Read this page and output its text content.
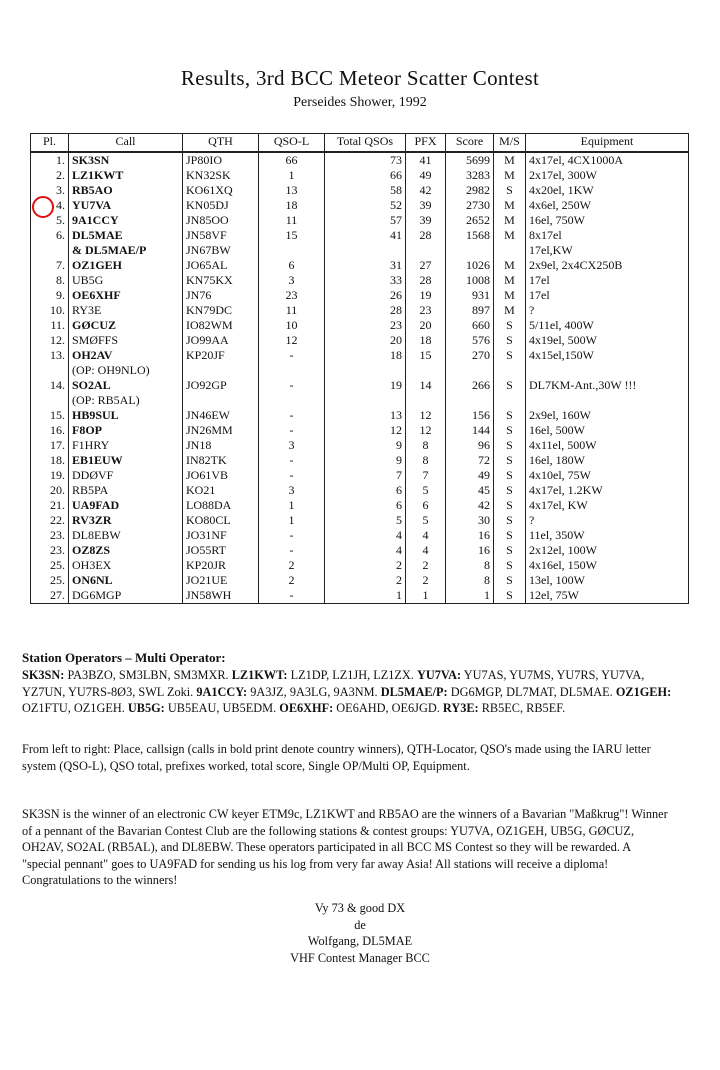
Results, 3rd BCC Meteor Scatter Contest
Perseides Shower, 1992
Pl.	Call	QTH	QSO-L	Total QSOs	PFX	Score	M/S	Equipment
1.	SK3SN	JP80IO	66	73	41	5699	M	4x17el, 4CX1000A
2.	LZ1KWT	KN32SK	1	66	49	3283	M	2x17el, 300W
3.	RB5AO	KO61XQ	13	58	42	2982	S	4x20el, 1KW
4.	YU7VA	KN05DJ	18	52	39	2730	M	4x6el, 250W
5.	9A1CCY	JN85OO	11	57	39	2652	M	16el, 750W
6.	DL5MAE	JN58VF	15	41	28	1568	M	8x17el
	& DL5MAE/P	JN67BW						17el,KW
7.	OZ1GEH	JO65AL	6	31	27	1026	M	2x9el, 2x4CX250B
8.	UB5G	KN75KX	3	33	28	1008	M	17el
9.	OE6XHF	JN76	23	26	19	931	M	17el
10.	RY3E	KN79DC	11	28	23	897	M	?
11.	GØCUZ	IO82WM	10	23	20	660	S	5/11el, 400W
12.	SMØFFS	JO99AA	12	20	18	576	S	4x19el, 500W
13.	OH2AV	KP20JF	-	18	15	270	S	4x15el,150W
	(OP: OH9NLO)							
14.	SO2AL	JO92GP	-	19	14	266	S	DL7KM-Ant.,30W !!!
	(OP: RB5AL)							
15.	HB9SUL	JN46EW	-	13	12	156	S	2x9el, 160W
16.	F8OP	JN26MM	-	12	12	144	S	16el, 500W
17.	F1HRY	JN18	3	9	8	96	S	4x11el, 500W
18.	EB1EUW	IN82TK	-	9	8	72	S	16el, 180W
19.	DDØVF	JO61VB	-	7	7	49	S	4x10el, 75W
20.	RB5PA	KO21	3	6	5	45	S	4x17el, 1.2KW
21.	UA9FAD	LO88DA	1	6	6	42	S	4x17el, KW
22.	RV3ZR	KO80CL	1	5	5	30	S	?
23.	DL8EBW	JO31NF	-	4	4	16	S	11el, 350W
23.	OZ8ZS	JO55RT	-	4	4	16	S	2x12el, 100W
25.	OH3EX	KP20JR	2	2	2	8	S	4x16el, 150W
25.	ON6NL	JO21UE	2	2	2	8	S	13el, 100W
27.	DG6MGP	JN58WH	-	1	1	1	S	12el, 75W
Station Operators – Multi Operator:
SK3SN: PA3BZO, SM3LBN, SM3MXR. LZ1KWT: LZ1DP, LZ1JH, LZ1ZX. YU7VA: YU7AS, YU7MS, YU7RS, YU7VA, YZ7UN, YU7RS-8Ø3, SWL Zoki. 9A1CCY: 9A3JZ, 9A3LG, 9A3NM. DL5MAE/P: DG6MGP, DL7MAT, DL5MAE. OZ1GEH: OZ1FTU, OZ1GEH. UB5G: UB5EAU, UB5EDM. OE6XHF: OE6AHD, OE6JGD. RY3E: RB5EC, RB5EF.
From left to right: Place, callsign (calls in bold print denote country winners), QTH-Locator, QSO's made using the IARU letter system (QSO-L), QSO total, prefixes worked, total score, Single OP/Multi OP, Equipment.
SK3SN is the winner of an electronic CW keyer ETM9c, LZ1KWT and RB5AO are the winners of a Bavarian "Maßkrug"! Winner of a pennant of the Bavarian Contest Club are the following stations & contest groups: YU7VA, OZ1GEH, UB5G, GØCUZ, OH2AV, SO2AL (RB5AL), and DL8EBW. These operators participated in all BCC MS Contest so they will be rewarded. A "special pennant" goes to UA9FAD for sending us his log from very far away Asia! All stations will receive a diploma! Congratulations to the winners!
Vy 73 & good DX
de
Wolfgang, DL5MAE
VHF Contest Manager BCC
